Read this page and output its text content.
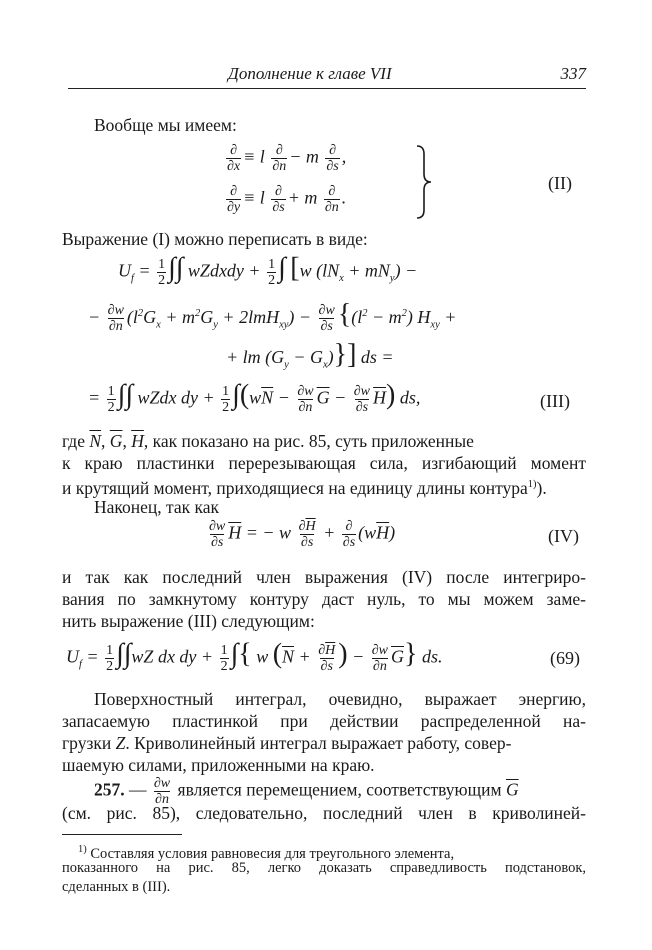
Дополнение к главе VII	337
Вообще мы имеем:
$\frac{\partial}{\partial x} \equiv l \frac{\partial}{\partial n} - m \frac{\partial}{\partial s}$ ,
$\frac{\partial}{\partial y} \equiv l \frac{\partial}{\partial s} + m \frac{\partial}{\partial n}$ .
(II)
Выражение (I) можно переписать в виде:
$U_f = \frac{1}{2}$ ∫∫ wZdxdy + $\frac{1}{2}$ ∫ [w $(lN_x + mN_y)$ −
− $\frac{\partial w}{\partial n} (l^2G_x + m^2G_y + 2lmH_{xy}) - \frac{\partial w}{\partial s} \{(l^2 - m^2) H_{xy}$ +
+ lm $(G_y - G_x)$}] ds =
= $\frac{1}{2}$ ∫∫ wZdx dy + $\frac{1}{2} \int(w\overline{N} - \frac{\partial w}{\partial n} \overline{G} - \frac{\partial w}{\partial s} \overline{H})$ ds,	(III)
где $\overline{N}$, $\overline{G}$, $\overline{H}$, как показано на рис. 85, суть приложенные
к краю пластинки перерезывающая сила, изгибающий момент
и крутящий момент, приходящиеся на единицу длины контура$^{1)}$).
Наконец, так как
$\frac{\partial w}{\partial s} \overline{H}$ = − w $\frac{\partial\overline{H}}{\partial s} + \frac{\partial}{\partial s} (w\overline{H})$	(IV)
и так как последний член выражения (IV) после интегриро-
вания по замкнутому контуру даст нуль, то мы можем заме-
нить выражение (III) следующим:
$U_f = \frac{1}{2} \int\int wZ$ dx dy + $\frac{1}{2}$ ∫{ w ($\overline{N} + \frac{\partial\overline{H}}{\partial s}$ ) − $\frac{\partial w}{\partial n} \overline{G}$} ds.	(69)
Поверхностный интеграл, очевидно, выражает энергию,
запасаемую пластинкой при действии распределенной на-
грузки Z. Криволинейный интеграл выражает работу, совер-
шаемую силами, приложенными на краю.
257. — $\frac{\partial w}{\partial n}$ является перемещением, соответствующим $\overline{G}$
(см. рис. 85), следовательно, последний член в криволиней-
$^{1)}$ Составляя условия равновесия для треугольного элемента,
показанного на рис. 85, легко доказать справедливость подстановок,
сделанных в (III).
